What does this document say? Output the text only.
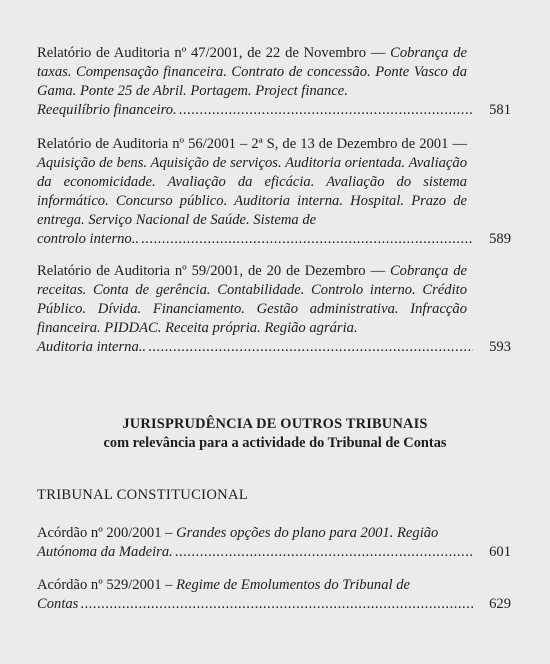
Relatório de Auditoria nº 47/2001, de 22 de Novembro — Cobrança de taxas. Compensação financeira. Contrato de concessão. Ponte Vasco da Gama. Ponte 25 de Abril. Portagem. Project finance.
Reequilíbrio financeiro. .....	581
Relatório de Auditoria nº 56/2001 – 2ª S, de 13 de Dezembro de 2001 — Aquisição de bens. Aquisição de serviços. Auditoria orientada. Avaliação da economicidade. Avaliação da eficácia. Avaliação do sistema informático. Concurso público. Auditoria interna. Hospital. Prazo de entrega. Serviço Nacional de Saúde. Sistema de
controlo interno.. .....	589
Relatório de Auditoria nº 59/2001, de 20 de Dezembro — Cobrança de receitas. Conta de gerência. Contabilidade. Controlo interno. Crédito Público. Dívida. Financiamento. Gestão administrativa. Infracção financeira. PIDDAC. Receita própria. Região agrária.
Auditoria interna.. .....	593
JURISPRUDÊNCIA DE OUTROS TRIBUNAIS
com relevância para a actividade do Tribunal de Contas
TRIBUNAL CONSTITUCIONAL
Acórdão nº 200/2001 – Grandes opções do plano para 2001. Região
Autónoma da Madeira. .....	601
Acórdão nº 529/2001 – Regime de Emolumentos do Tribunal de
Contas .....	629
